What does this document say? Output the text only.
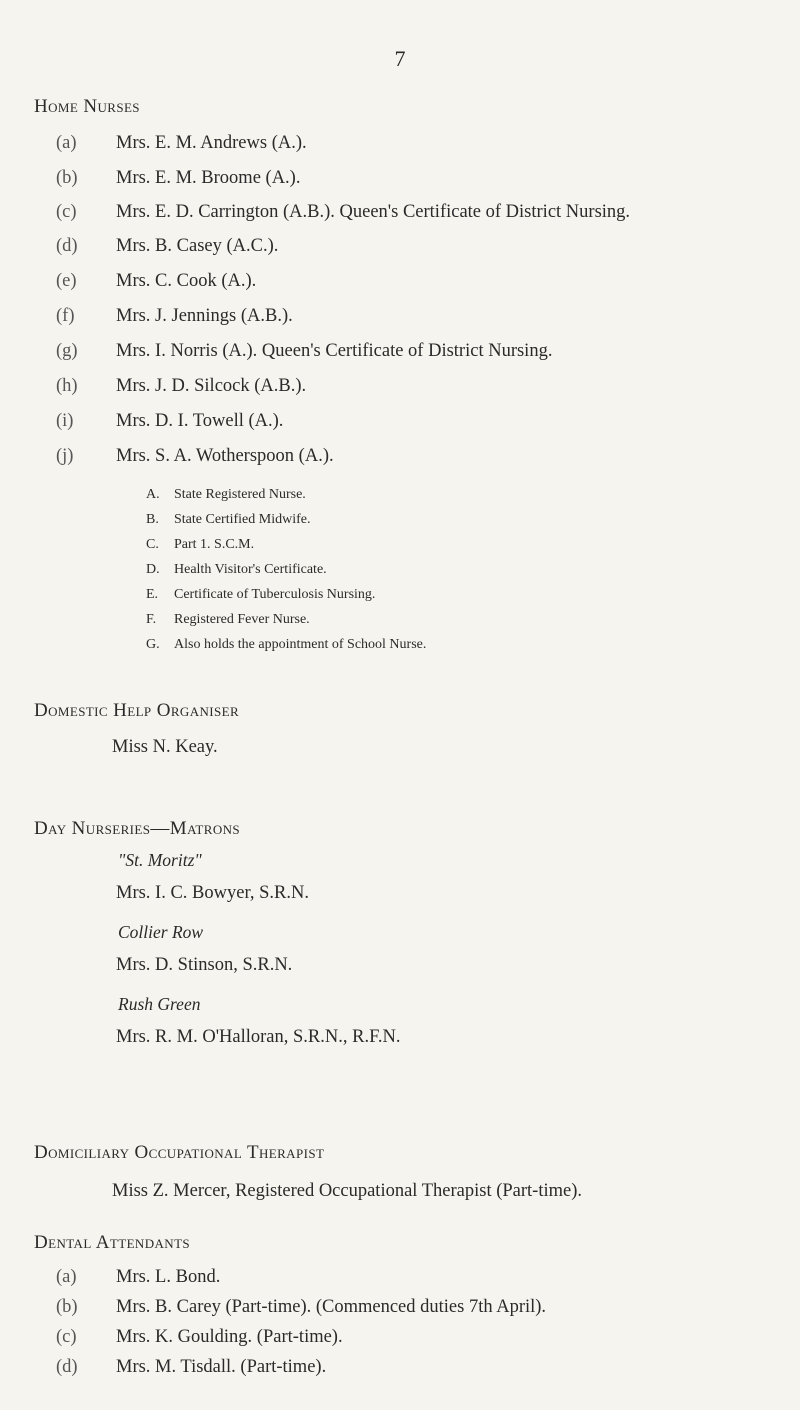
7
Home Nurses
(a) Mrs. E. M. Andrews (A.).
(b) Mrs. E. M. Broome (A.).
(c) Mrs. E. D. Carrington (A.B.). Queen's Certificate of District Nursing.
(d) Mrs. B. Casey (A.C.).
(e) Mrs. C. Cook (A.).
(f) Mrs. J. Jennings (A.B.).
(g) Mrs. I. Norris (A.). Queen's Certificate of District Nursing.
(h) Mrs. J. D. Silcock (A.B.).
(i) Mrs. D. I. Towell (A.).
(j) Mrs. S. A. Wotherspoon (A.).
A. State Registered Nurse.
B. State Certified Midwife.
C. Part 1. S.C.M.
D. Health Visitor's Certificate.
E. Certificate of Tuberculosis Nursing.
F. Registered Fever Nurse.
G. Also holds the appointment of School Nurse.
Domestic Help Organiser
Miss N. Keay.
Day Nurseries—Matrons
"St. Moritz"
Mrs. I. C. Bowyer, S.R.N.
Collier Row
Mrs. D. Stinson, S.R.N.
Rush Green
Mrs. R. M. O'Halloran, S.R.N., R.F.N.
Domiciliary Occupational Therapist
Miss Z. Mercer, Registered Occupational Therapist (Part-time).
Dental Attendants
(a) Mrs. L. Bond.
(b) Mrs. B. Carey (Part-time). (Commenced duties 7th April).
(c) Mrs. K. Goulding. (Part-time).
(d) Mrs. M. Tisdall. (Part-time).
